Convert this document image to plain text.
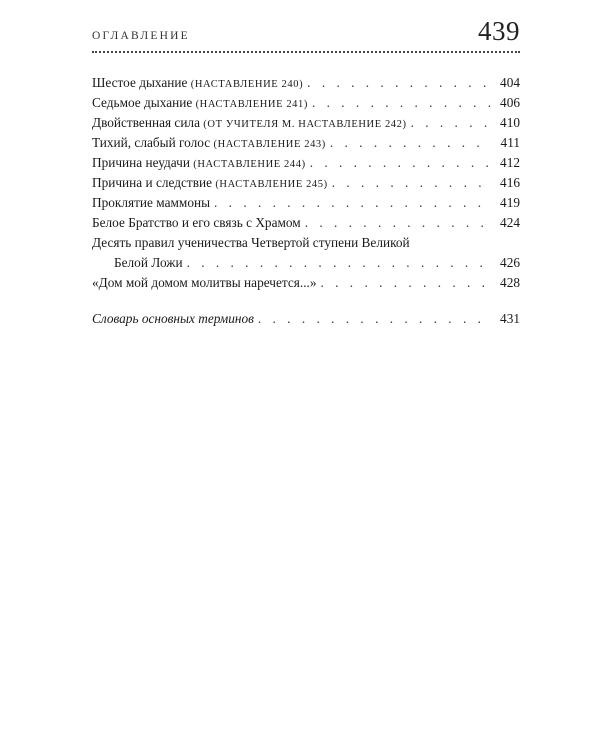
ОГЛАВЛЕНИЕ	439
Шестое дыхание (НАСТАВЛЕНИЕ 240) . . .	404
Седьмое дыхание (НАСТАВЛЕНИЕ 241) . . .	406
Двойственная сила (ОТ УЧИТЕЛЯ М. НАСТАВЛЕНИЕ 242) . . .	410
Тихий, слабый голос (НАСТАВЛЕНИЕ 243) . . .	411
Причина неудачи (НАСТАВЛЕНИЕ 244) . . .	412
Причина и следствие (НАСТАВЛЕНИЕ 245) . . .	416
Проклятие маммоны . . .	419
Белое Братство и его связь с Храмом . . .	424
Десять правил ученичества Четвертой ступени Великой
Белой Ложи . . .	426
«Дом мой домом молитвы наречется...» . . .	428
Словарь основных терминов . . .	431
